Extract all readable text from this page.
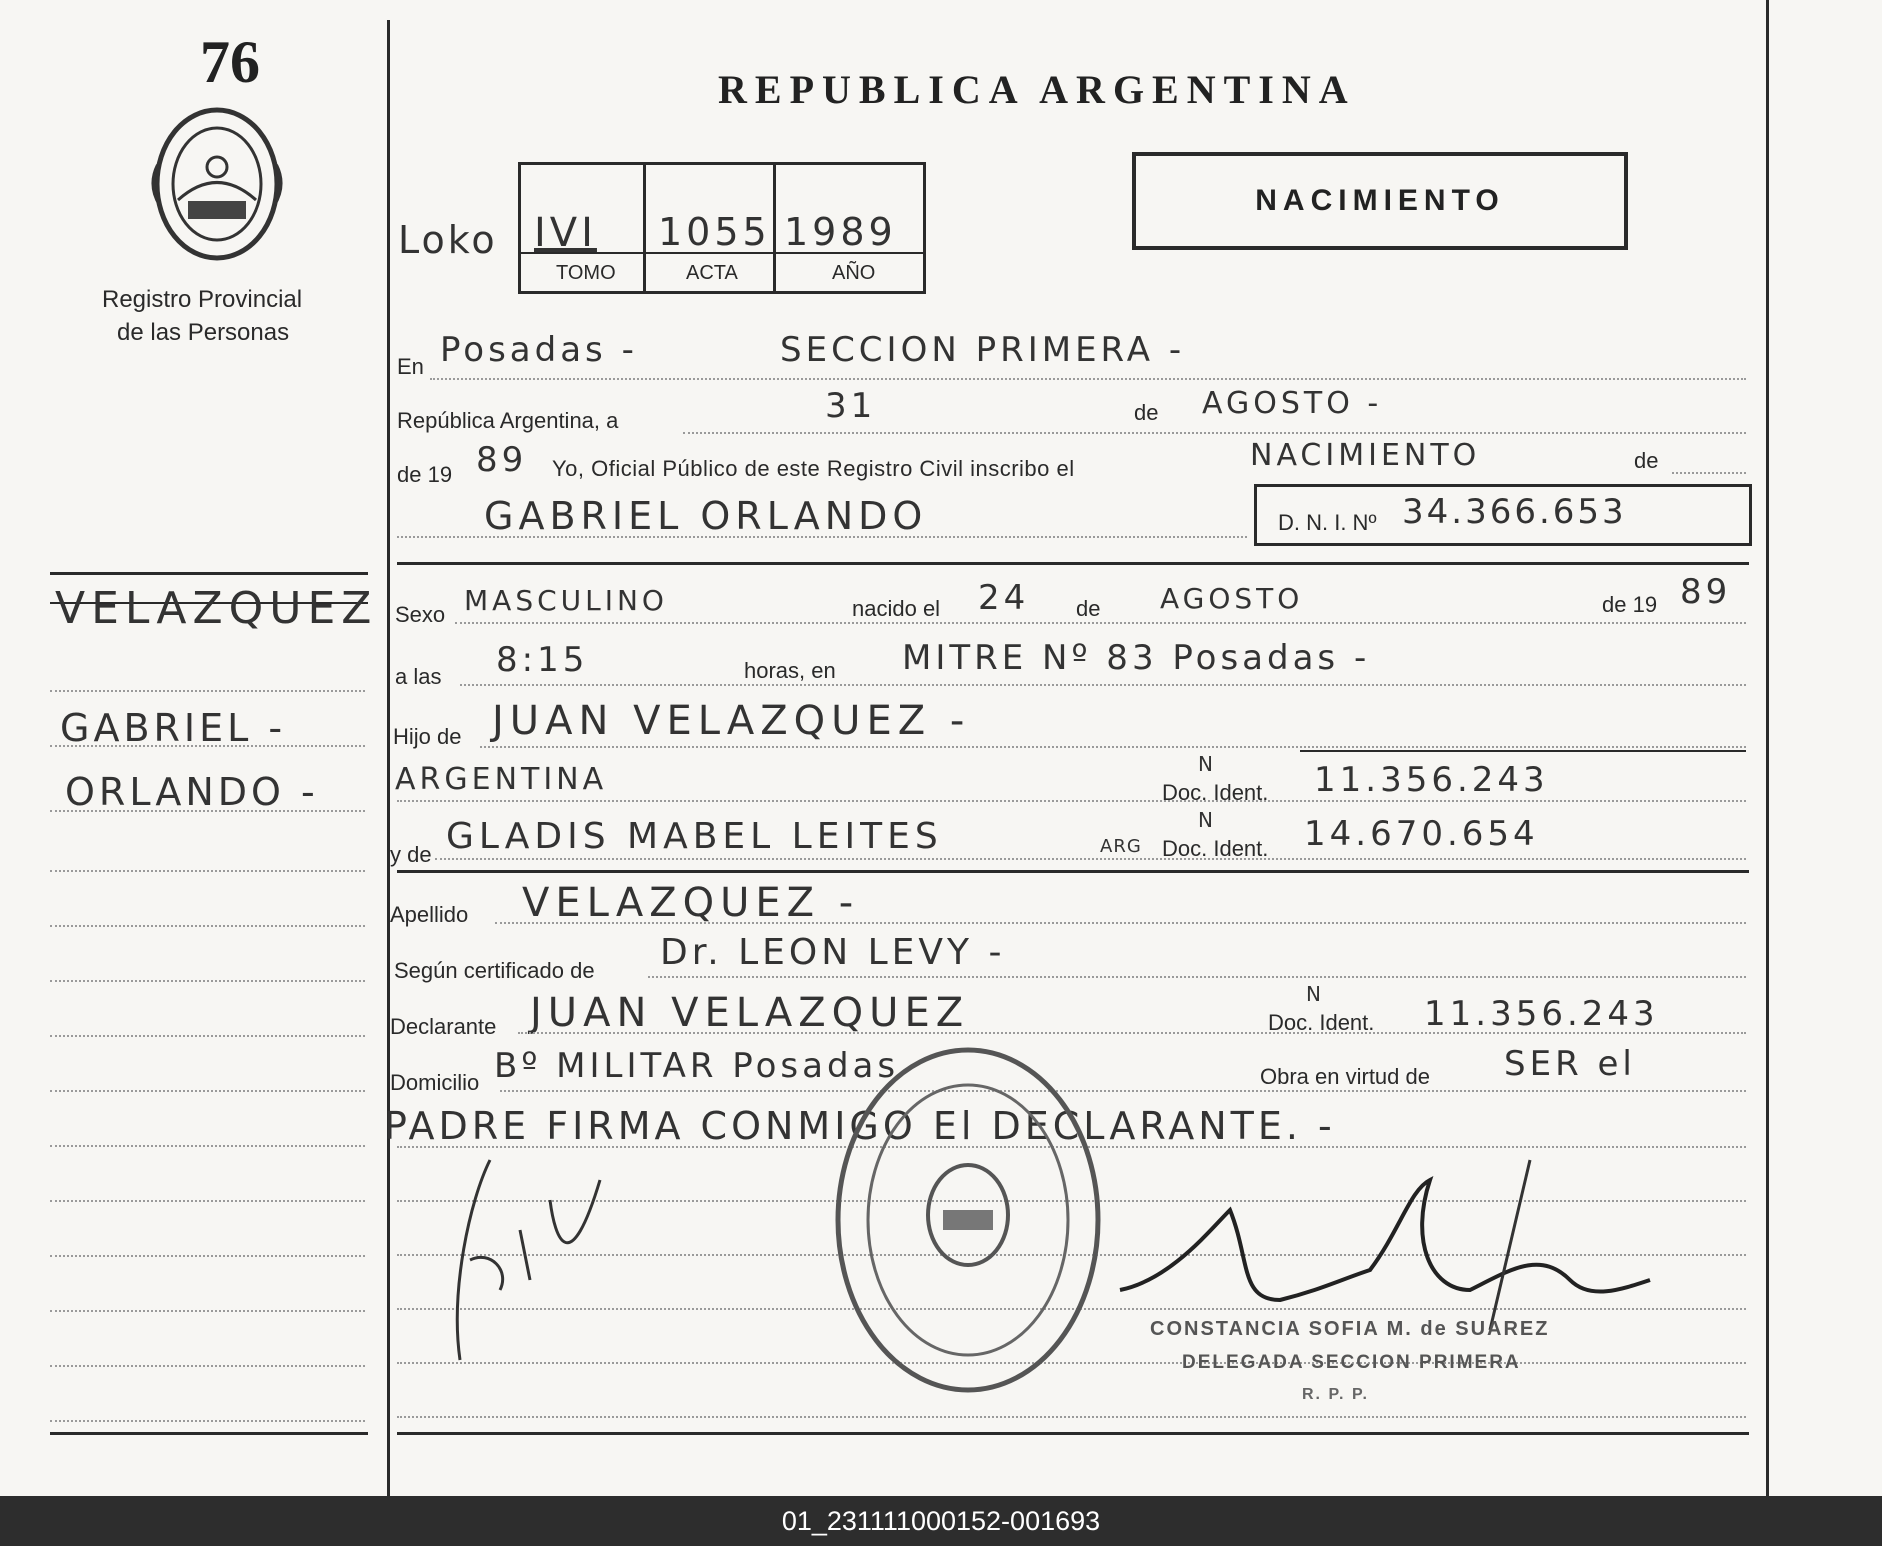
76
Registro Provincial
de las Personas
VELAZQUEZ
GABRIEL -
ORLANDO -
REPUBLICA ARGENTINA
Loko IVI 1055 1989
TOMO	ACTA	AÑO
NACIMIENTO
En Posadas -	SECCION PRIMERA -
República Argentina, a	31	de AGOSTO -
de 19 89 Yo, Oficial Público de este Registro Civil inscribo el	NACIMIENTO	de
GABRIEL ORLANDO	D. N. I. Nº 34.366.653
Sexo MASCULINO	nacido el 24 de AGOSTO	de 19 89
a las 8:15	horas, en MITRE Nº 83 Posadas -
Hijo de JUAN VELAZQUEZ -
ARGENTINA	Doc. Ident.
N	11.356.243
y de GLADIS MABEL LEITES	ARG Doc. Ident.
N	14.670.654
Apellido VELAZQUEZ -
Según certificado de Dr. LEON LEVY -
Declarante JUAN VELAZQUEZ	Doc. Ident.
N	11.356.243
Domicilio Bº MILITAR Posadas	Obra en virtud de SER el
PADRE FIRMA CONMIGO El DECLARANTE. -
CONSTANCIA SOFIA M. de SUAREZ
DELEGADA SECCION PRIMERA
R. P. P.
01_231111000152-001693
